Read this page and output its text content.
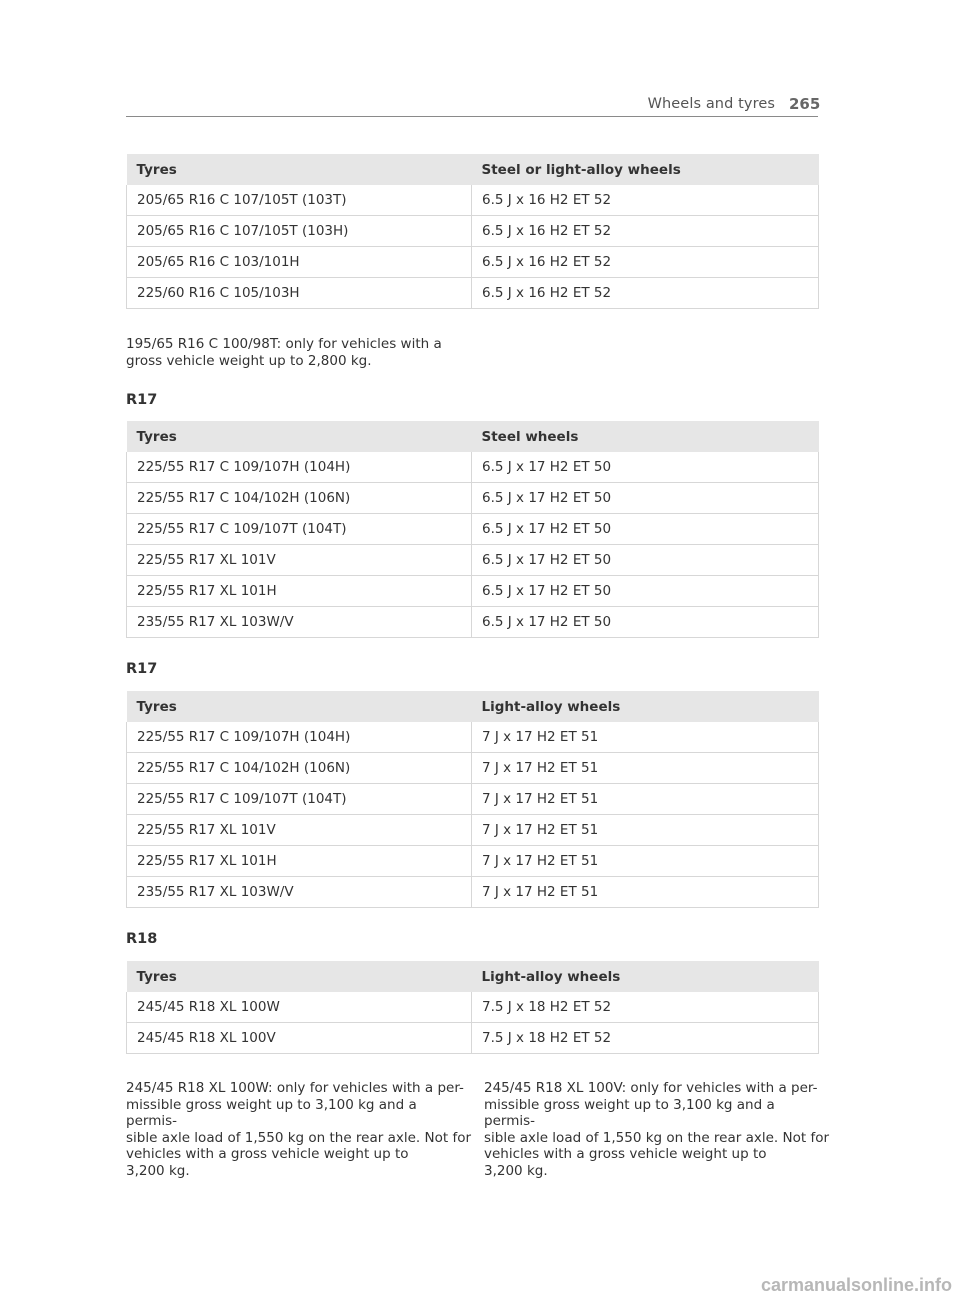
Wheels and tyres 265
Tyres	Steel or light-alloy wheels
205/65 R16 C 107/105T (103T)	6.5 J x 16 H2 ET 52
205/65 R16 C 107/105T (103H)	6.5 J x 16 H2 ET 52
205/65 R16 C 103/101H	6.5 J x 16 H2 ET 52
225/60 R16 C 105/103H	6.5 J x 16 H2 ET 52
195/65 R16 C 100/98T: only for vehicles with a
gross vehicle weight up to 2,800 kg.
R17
Tyres	Steel wheels
225/55 R17 C 109/107H (104H)	6.5 J x 17 H2 ET 50
225/55 R17 C 104/102H (106N)	6.5 J x 17 H2 ET 50
225/55 R17 C 109/107T (104T)	6.5 J x 17 H2 ET 50
225/55 R17 XL 101V	6.5 J x 17 H2 ET 50
225/55 R17 XL 101H	6.5 J x 17 H2 ET 50
235/55 R17 XL 103W/V	6.5 J x 17 H2 ET 50
R17
Tyres	Light-alloy wheels
225/55 R17 C 109/107H (104H)	7 J x 17 H2 ET 51
225/55 R17 C 104/102H (106N)	7 J x 17 H2 ET 51
225/55 R17 C 109/107T (104T)	7 J x 17 H2 ET 51
225/55 R17 XL 101V	7 J x 17 H2 ET 51
225/55 R17 XL 101H	7 J x 17 H2 ET 51
235/55 R17 XL 103W/V	7 J x 17 H2 ET 51
R18
Tyres	Light-alloy wheels
245/45 R18 XL 100W	7.5 J x 18 H2 ET 52
245/45 R18 XL 100V	7.5 J x 18 H2 ET 52
245/45 R18 XL 100W: only for vehicles with a per-
missible gross weight up to 3,100 kg and a permis-
sible axle load of 1,550 kg on the rear axle. Not for
vehicles with a gross vehicle weight up to
3,200 kg.
245/45 R18 XL 100V: only for vehicles with a per-
missible gross weight up to 3,100 kg and a permis-
sible axle load of 1,550 kg on the rear axle. Not for
vehicles with a gross vehicle weight up to
3,200 kg.
carmanualsonline.info
